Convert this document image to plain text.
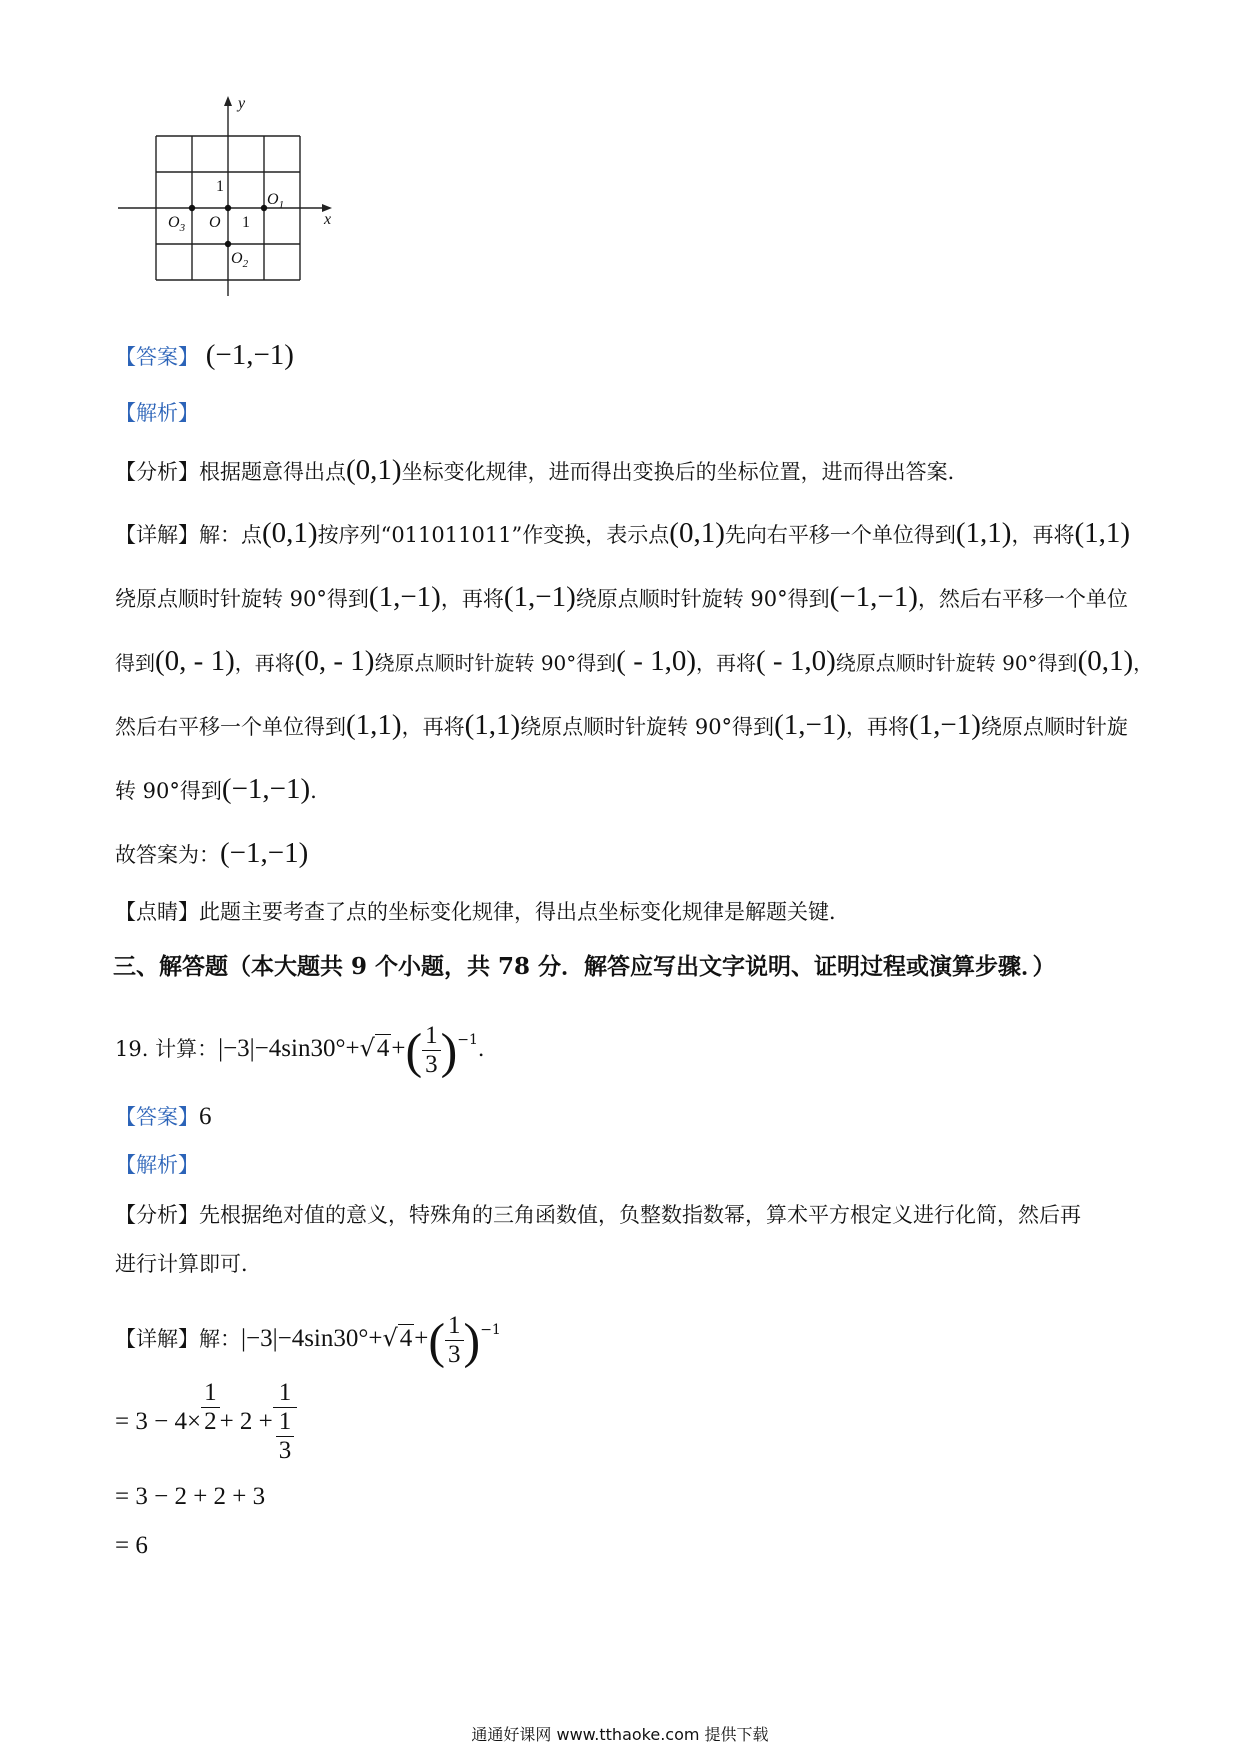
y
x
O
$O_1$
$O_2$
$O_3$
1
1
【答案】 (−1,−1)
【解析】
【分析】根据题意得出点(0,1)坐标变化规律，进而得出变换后的坐标位置，进而得出答案．
【详解】解：点(0,1)按序列“011011011”作变换，表示点(0,1)先向右平移一个单位得到(1,1)，再将(1,1)
绕原点顺时针旋转 90°得到(1,−1)，再将(1,−1)绕原点顺时针旋转 90°得到(−1,−1)，然后右平移一个单位
得到(0, - 1)，再将(0, - 1)绕原点顺时针旋转 90°得到( - 1,0)，再将( - 1,0)绕原点顺时针旋转 90°得到(0,1)，
然后右平移一个单位得到(1,1)，再将(1,1)绕原点顺时针旋转 90°得到(1,−1)，再将(1,−1)绕原点顺时针旋
转 90°得到(−1,−1)．
故答案为：(−1,−1)
【点睛】此题主要考查了点的坐标变化规律，得出点坐标变化规律是解题关键．
三、解答题（本大题共 9 个小题，共 78 分．解答应写出文字说明、证明过程或演算步骤．）
19. 计算：$|-3|-4\sin 30^\circ+√4+( \frac{1}{3} )^{-1}$．
【答案】6
【解析】
【分析】先根据绝对值的意义，特殊角的三角函数值，负整数指数幂，算术平方根定义进行化简，然后再
进行计算即可．
【详解】解：$|-3|-4\sin 30^\circ+√4+( \frac{1}{3} )^{-1}$
= $3 - 4\times \frac{1}{2} + 2 + \frac{1}{\frac{1}{3}}$
= 3 − 2 + 2 + 3
= 6
通通好课网 www.tthaoke.com 提供下载
